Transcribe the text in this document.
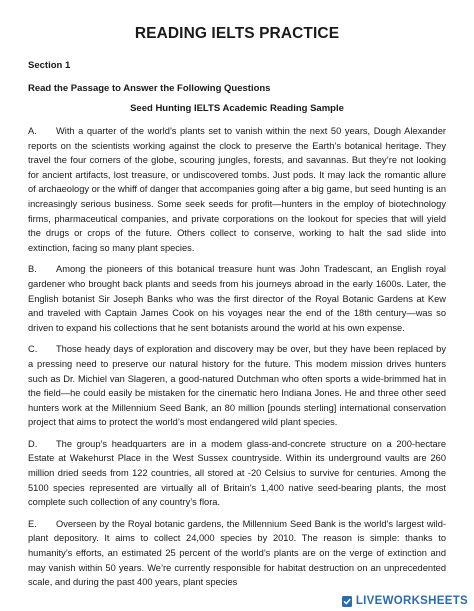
READING IELTS PRACTICE
Section 1
Read the Passage to Answer the Following Questions
Seed Hunting IELTS Academic Reading Sample

A. With a quarter of the world’s plants set to vanish within the next 50 years, Dough Alexander reports on the scientists working against the clock to preserve the Earth’s botanical heritage. They travel the four corners of the globe, scouring jungles, forests, and savannas. But they’re not looking for ancient artifacts, lost treasure, or undiscovered tombs. Just pods. It may lack the romantic allure of archaeology or the whiff of danger that accompanies going after a big game, but seed hunting is an increasingly serious business. Some seek seeds for profit—hunters in the employ of biotechnology firms, pharmaceutical companies, and private corporations on the lookout for species that will yield the drugs or crops of the future. Others collect to conserve, working to halt the sad slide into extinction, facing so many plant species.

B. Among the pioneers of this botanical treasure hunt was John Tradescant, an English royal gardener who brought back plants and seeds from his journeys abroad in the early 1600s. Later, the English botanist Sir Joseph Banks who was the first director of the Royal Botanic Gardens at Kew and traveled with Captain James Cook on his voyages near the end of the 18th century—was so driven to expand his collections that he sent botanists around the world at his own expense.

C. Those heady days of exploration and discovery may be over, but they have been replaced by a pressing need to preserve our natural history for the future. This modem mission drives hunters such as Dr. Michiel van Slageren, a good-natured Dutchman who often sports a wide-brimmed hat in the field—he could easily be mistaken for the cinematic hero Indiana Jones. He and three other seed hunters work at the Millennium Seed Bank, an 80 million [pounds sterling] international conservation project that aims to protect the world’s most endangered wild plant species.

D. The group’s headquarters are in a modem glass-and-concrete structure on a 200-hectare Estate at Wakehurst Place in the West Sussex countryside. Within its underground vaults are 260 million dried seeds from 122 countries, all stored at -20 Celsius to survive for centuries. Among the 5100 species represented are virtually all of Britain’s 1,400 native seed-bearing plants, the most complete such collection of any country’s flora.

E. Overseen by the Royal botanic gardens, the Millennium Seed Bank is the world’s largest wild-plant depository. It aims to collect 24,000 species by 2010. The reason is simple: thanks to humanity’s efforts, an estimated 25 percent of the world’s plants are on the verge of extinction and may vanish within 50 years. We’re currently responsible for habitat destruction on an unprecedented scale, and during the past 400 years, plant species

LIVEWORKSHEETS
